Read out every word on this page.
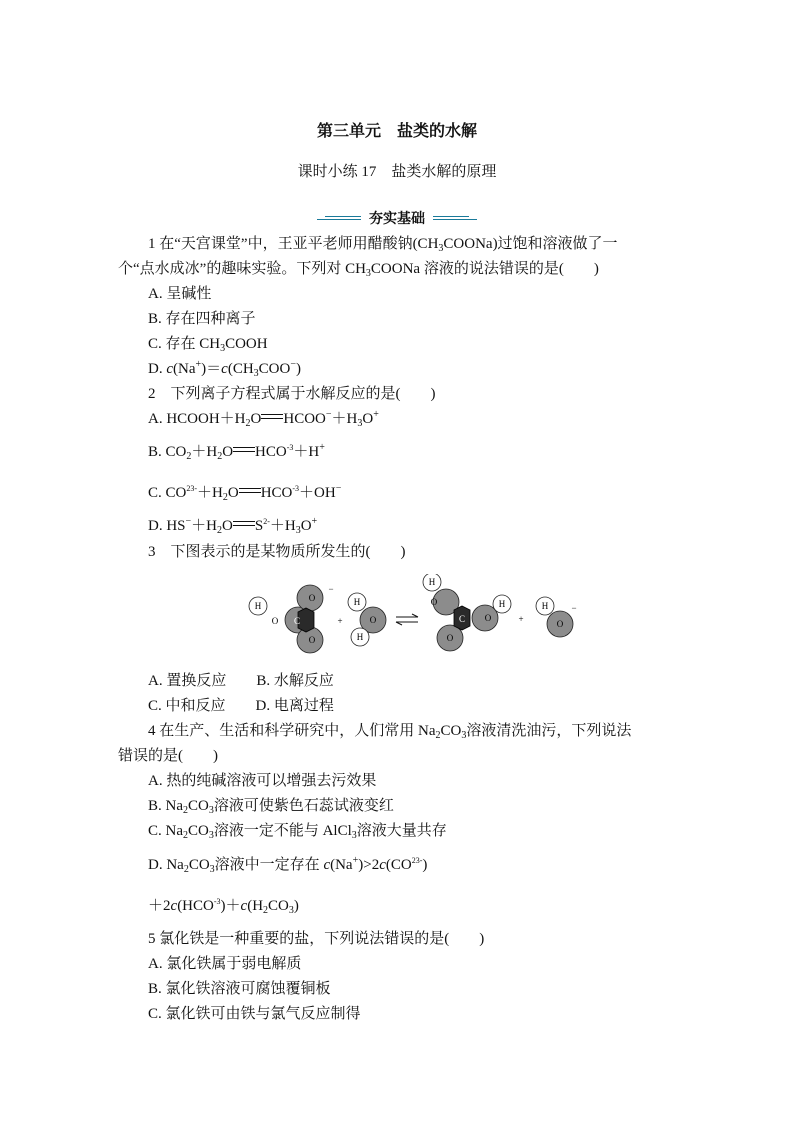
第三单元　盐类的水解
课时小练 17　盐类水解的原理
夯实基础
1 在“天宫课堂”中，王亚平老师用醋酸钠$(CH_3COONa)$过饱和溶液做了一
个“点水成冰”的趣味实验。下列对 $CH_3COONa$ 溶液的说法错误的是(　　)
A. 呈碱性
B. 存在四种离子
C. 存在 $CH_3COOH$
D. $c(Na^+)=c(CH_3COO^-)$
2　下列离子方程式属于水解反应的是(　　)
A. $HCOOH+H_2O$ $HCOO^-+H_3O^+$
B. $CO_2+H_2O$ $HCO^{-3}+H^+$
C. $CO^{23-}+H_2O$ $HCO^{-3}+OH^-$
D. $HS^-+H_2O$ $S^{2-}+H_3O^+$
3　下图表示的是某物质所发生的(　　)
H
O
O
O
C
−
+
H
O
H
H
O
O
O
H
C	+
H
O
−
A. 置换反应　　B. 水解反应
C. 中和反应　　D. 电离过程
4 在生产、生活和科学研究中，人们常用 $Na_2CO_3$溶液清洗油污，下列说法
错误的是(　　)
A. 热的纯碱溶液可以增强去污效果
B. $Na_2CO_3$溶液可使紫色石蕊试液变红
C. $Na_2CO_3$溶液一定不能与 AlCl$_3$溶液大量共存
D. $Na_2CO_3$溶液中一定存在 $c(Na^+)>2c(CO^{23-})$
$+2c(HCO^{-3})+c(H_2CO_3)$
5 氯化铁是一种重要的盐，下列说法错误的是(　　)
A. 氯化铁属于弱电解质
B. 氯化铁溶液可腐蚀覆铜板
C. 氯化铁可由铁与氯气反应制得
